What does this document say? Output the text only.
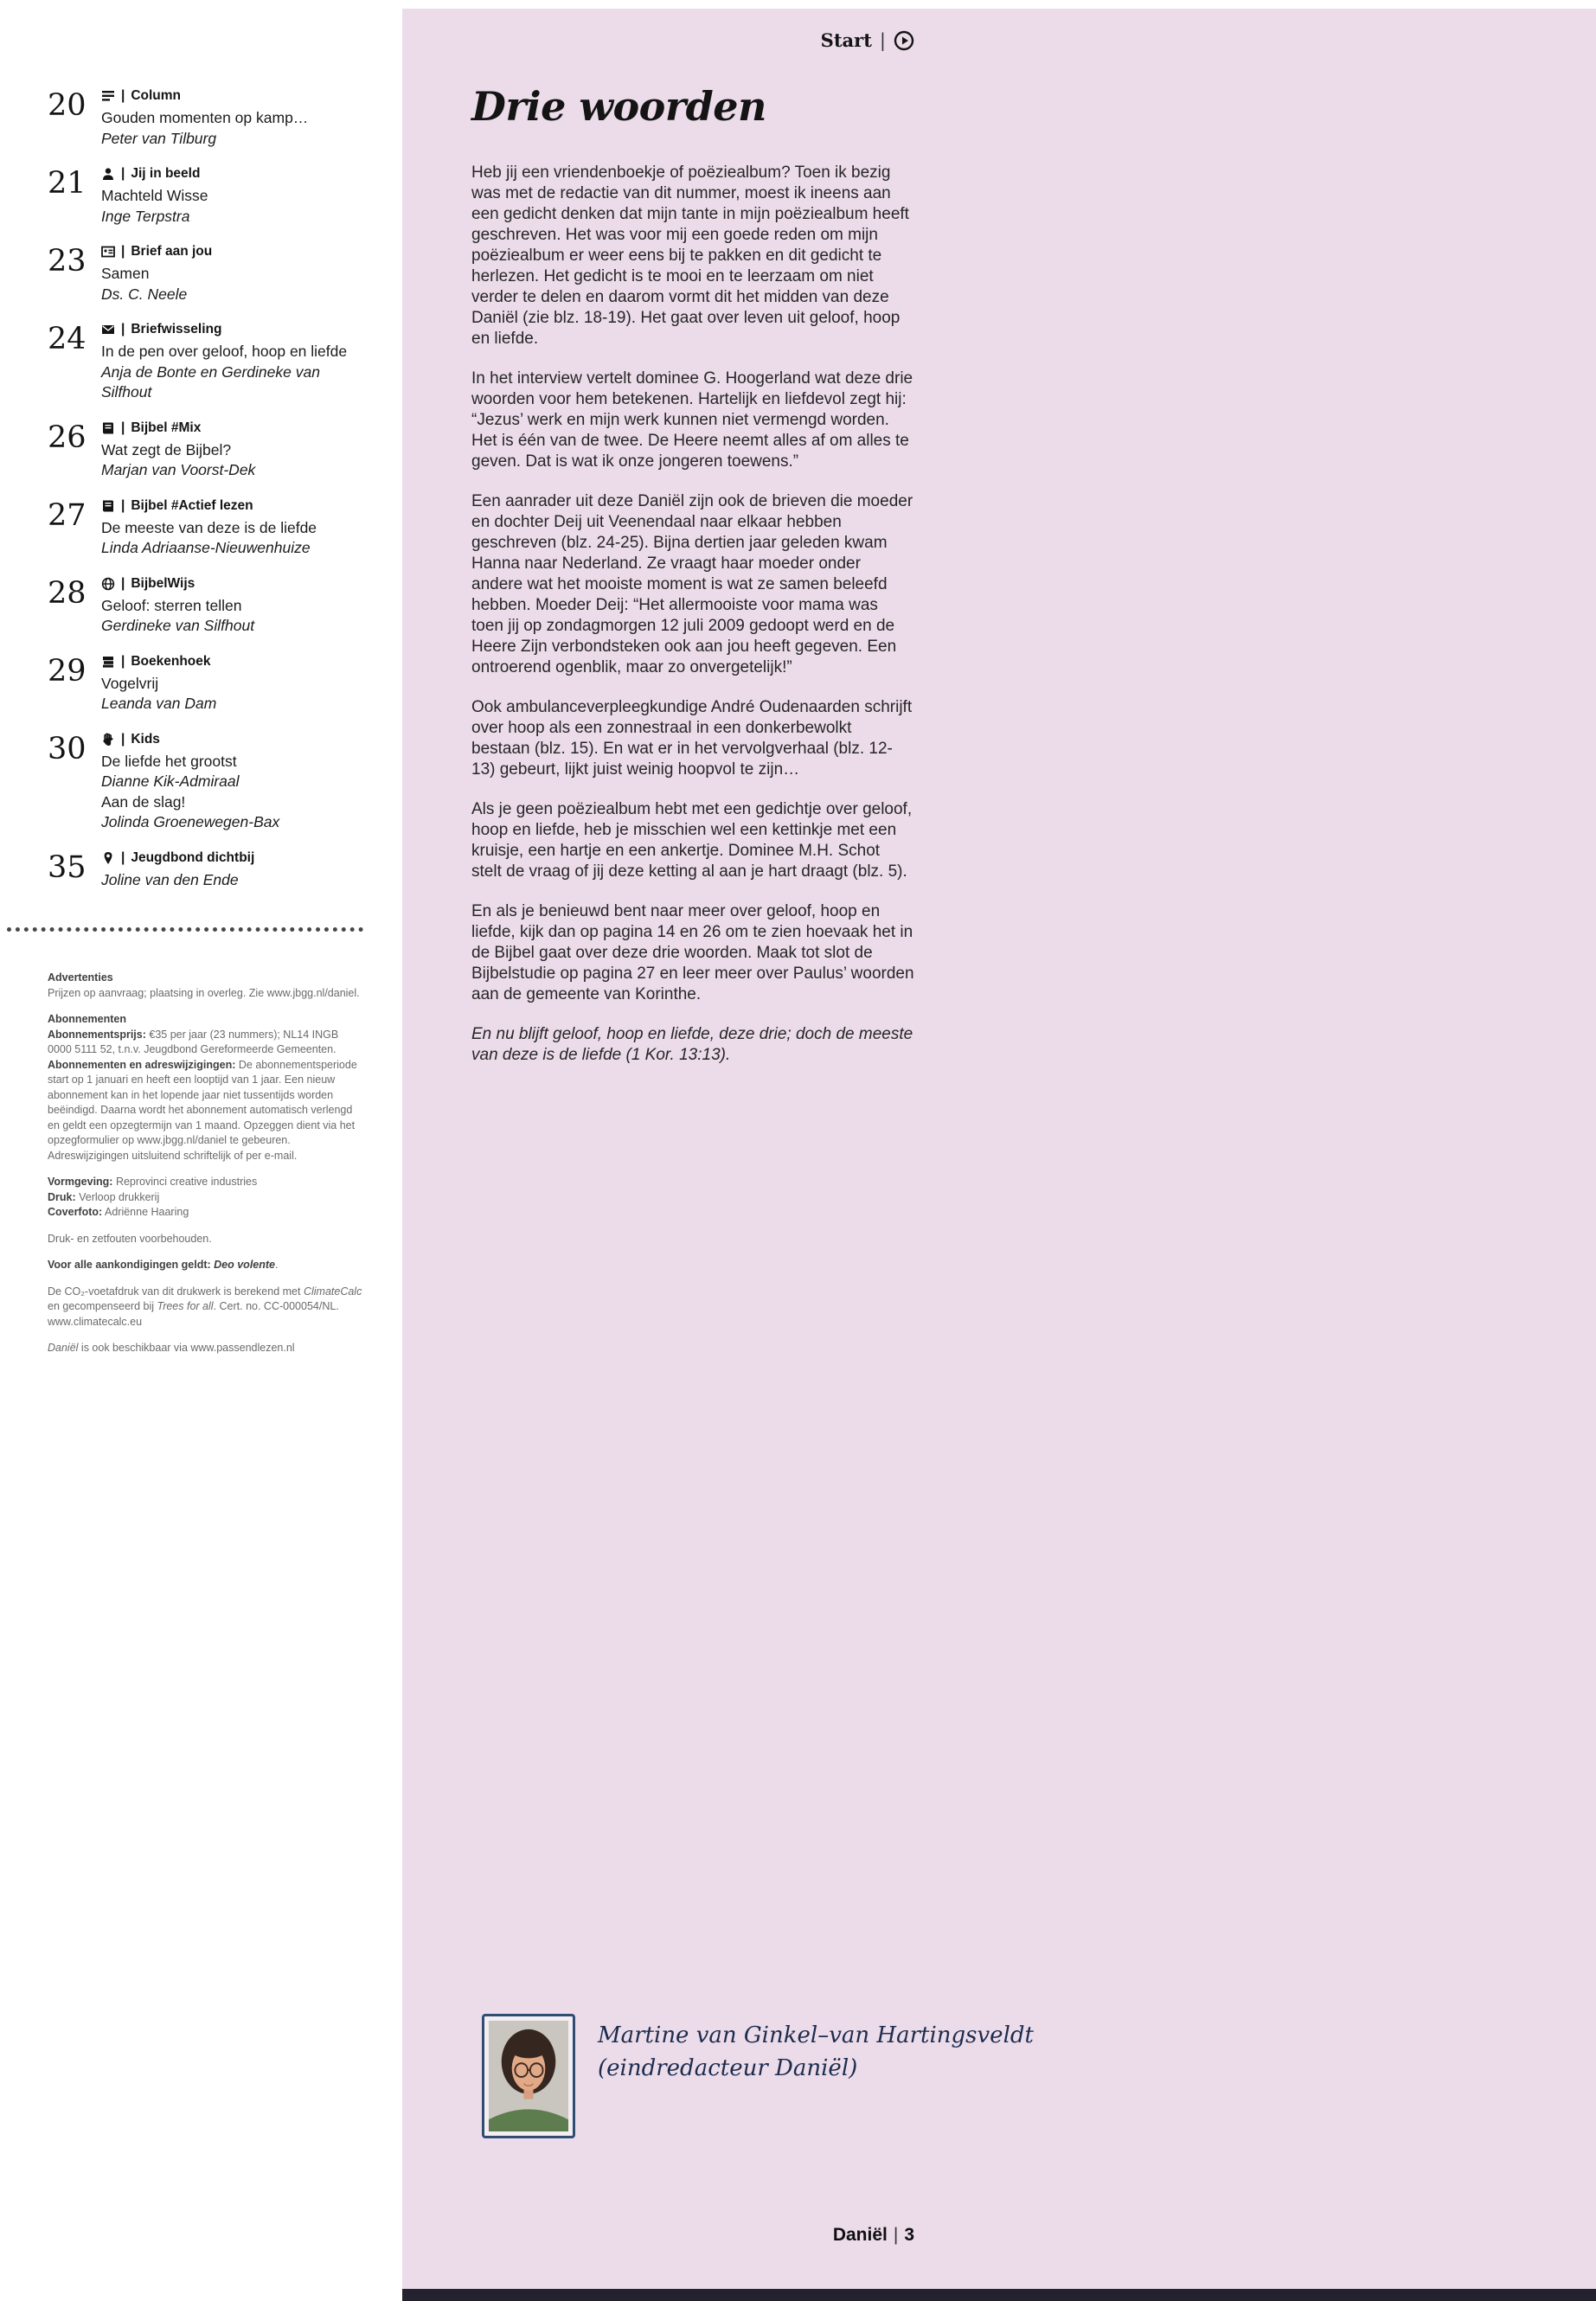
Start |
Drie woorden

Heb jij een vriendenboekje of poëziealbum? Toen ik bezig was met de redactie van dit nummer, moest ik ineens aan een gedicht denken dat mijn tante in mijn poëziealbum heeft geschreven. Het was voor mij een goede reden om mijn poëziealbum er weer eens bij te pakken en dit gedicht te herlezen. Het gedicht is te mooi en te leerzaam om niet verder te delen en daarom vormt dit het midden van deze Daniël (zie blz. 18-19). Het gaat over leven uit geloof, hoop en liefde.

In het interview vertelt dominee G. Hoogerland wat deze drie woorden voor hem betekenen. Hartelijk en liefdevol zegt hij: “Jezus’ werk en mijn werk kunnen niet vermengd worden. Het is één van de twee. De Heere neemt alles af om alles te geven. Dat is wat ik onze jongeren toewens.”

Een aanrader uit deze Daniël zijn ook de brieven die moeder en dochter Deij uit Veenendaal naar elkaar hebben geschreven (blz. 24-25). Bijna dertien jaar geleden kwam Hanna naar Nederland. Ze vraagt haar moeder onder andere wat het mooiste moment is wat ze samen beleefd hebben. Moeder Deij: “Het allermooiste voor mama was toen jij op zondagmorgen 12 juli 2009 gedoopt werd en de Heere Zijn verbondsteken ook aan jou heeft gegeven. Een ontroerend ogenblik, maar zo onvergetelijk!”

Ook ambulanceverpleegkundige André Oudenaarden schrijft over hoop als een zonnestraal in een donkerbewolkt bestaan (blz. 15). En wat er in het vervolgverhaal (blz. 12-13) gebeurt, lijkt juist weinig hoopvol te zijn…

Als je geen poëziealbum hebt met een gedichtje over geloof, hoop en liefde, heb je misschien wel een kettinkje met een kruisje, een hartje en een ankertje. Dominee M.H. Schot stelt de vraag of jij deze ketting al aan je hart draagt (blz. 5).

En als je benieuwd bent naar meer over geloof, hoop en liefde, kijk dan op pagina 14 en 26 om te zien hoevaak het in de Bijbel gaat over deze drie woorden. Maak tot slot de Bijbelstudie op pagina 27 en leer meer over Paulus’ woorden aan de gemeente van Korinthe.

En nu blijft geloof, hoop en liefde, deze drie; doch de meeste van deze is de liefde (1 Kor. 13:13).

Martine van Ginkel–van Hartingsveldt
(eindredacteur Daniël)
Daniël | 3
20	| Column
Gouden momenten op kamp…
Peter van Tilburg
21	| Jij in beeld
Machteld Wisse
Inge Terpstra
23	| Brief aan jou
Samen
Ds. C. Neele
24	| Briefwisseling
In de pen over geloof, hoop en liefde
Anja de Bonte en Gerdineke van Silfhout
26	| Bijbel #Mix
Wat zegt de Bijbel?
Marjan van Voorst-Dek
27	| Bijbel #Actief lezen
De meeste van deze is de liefde
Linda Adriaanse-Nieuwenhuize
28	| BijbelWijs
Geloof: sterren tellen
Gerdineke van Silfhout
29	| Boekenhoek
Vogelvrij
Leanda van Dam
30	| Kids
De liefde het grootst
Dianne Kik-Admiraal
Aan de slag!
Jolinda Groenewegen-Bax
35	| Jeugdbond dichtbij
Joline van den Ende
Advertenties
Prijzen op aanvraag; plaatsing in overleg. Zie www.jbgg.nl/daniel.
Abonnementen
Abonnementsprijs: €35 per jaar (23 nummers); NL14 INGB 0000 5111 52, t.n.v. Jeugdbond Gereformeerde Gemeenten.
Abonnementen en adreswijzigingen: De abonnementsperiode start op 1 januari en heeft een looptijd van 1 jaar. Een nieuw abonnement kan in het lopende jaar niet tussentijds worden beëindigd. Daarna wordt het abonnement automatisch verlengd en geldt een opzegtermijn van 1 maand. Opzeggen dient via het opzegformulier op www.jbgg.nl/daniel te gebeuren. Adreswijzigingen uitsluitend schriftelijk of per e-mail.
Vormgeving: Reprovinci creative industries
Druk: Verloop drukkerij
Coverfoto: Adriënne Haaring
Druk- en zetfouten voorbehouden.
Voor alle aankondigingen geldt: Deo volente.
De CO₂-voetafdruk van dit drukwerk is berekend met ClimateCalc en gecompenseerd bij Trees for all. Cert. no. CC-000054/NL. www.climatecalc.eu
Daniël is ook beschikbaar via www.passendlezen.nl
